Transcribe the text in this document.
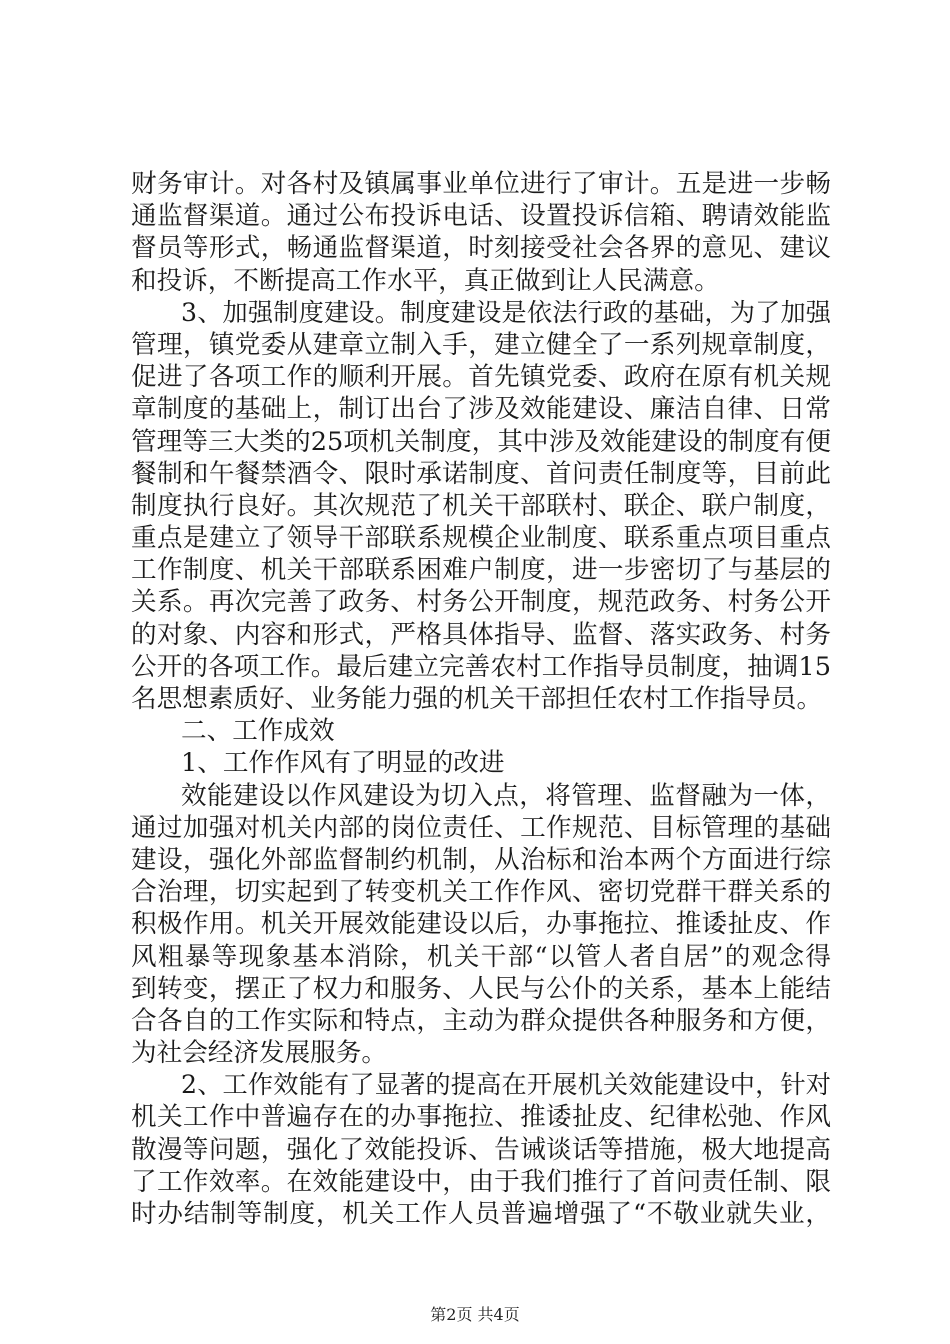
财务审计。对各村及镇属事业单位进行了审计。五是进一步畅
通监督渠道。通过公布投诉电话、设置投诉信箱、聘请效能监
督员等形式，畅通监督渠道，时刻接受社会各界的意见、建议
和投诉，不断提高工作水平，真正做到让人民满意。
3、加强制度建设。制度建设是依法行政的基础，为了加强
管理，镇党委从建章立制入手，建立健全了一系列规章制度，
促进了各项工作的顺利开展。首先镇党委、政府在原有机关规
章制度的基础上，制订出台了涉及效能建设、廉洁自律、日常
管理等三大类的25项机关制度，其中涉及效能建设的制度有便
餐制和午餐禁酒令、限时承诺制度、首问责任制度等，目前此
制度执行良好。其次规范了机关干部联村、联企、联户制度，
重点是建立了领导干部联系规模企业制度、联系重点项目重点
工作制度、机关干部联系困难户制度，进一步密切了与基层的
关系。再次完善了政务、村务公开制度，规范政务、村务公开
的对象、内容和形式，严格具体指导、监督、落实政务、村务
公开的各项工作。最后建立完善农村工作指导员制度，抽调15
名思想素质好、业务能力强的机关干部担任农村工作指导员。
二、工作成效
1、工作作风有了明显的改进
效能建设以作风建设为切入点，将管理、监督融为一体，
通过加强对机关内部的岗位责任、工作规范、目标管理的基础
建设，强化外部监督制约机制，从治标和治本两个方面进行综
合治理，切实起到了转变机关工作作风、密切党群干群关系的
积极作用。机关开展效能建设以后，办事拖拉、推诿扯皮、作
风粗暴等现象基本消除，机关干部“以管人者自居”的观念得
到转变，摆正了权力和服务、人民与公仆的关系，基本上能结
合各自的工作实际和特点，主动为群众提供各种服务和方便，
为社会经济发展服务。
2、工作效能有了显著的提高在开展机关效能建设中，针对
机关工作中普遍存在的办事拖拉、推诿扯皮、纪律松弛、作风
散漫等问题，强化了效能投诉、告诫谈话等措施，极大地提高
了工作效率。在效能建设中，由于我们推行了首问责任制、限
时办结制等制度，机关工作人员普遍增强了“不敬业就失业，
第2页 共4页
